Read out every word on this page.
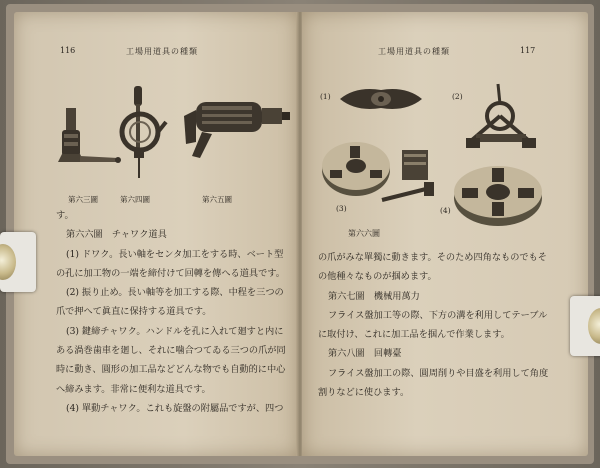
116	工場用道具の種類
第六三圖	第六四圖	第六五圖
す。
第六六圖　チャワク道具
(1) ドワク。長い軸をセンタ加工をする時、ベート型
の孔に加工物の一端を締付けて回轉を傳へる道具です。
(2) 振り止め。長い軸等を加工する際、中程を三つの
爪で押へて眞直に保持する道具です。
(3) 鍵締チャワク。ハンドルを孔に入れて廻すと内に
ある渦巻歯車を廻し、それに噛合つてゐる三つの爪が同
時に動き、圓形の加工品などどんな物でも自動的に中心
へ締みます。非常に便利な道具です。
(4) 單動チャワク。これも旋盤の附屬品ですが、四つ
工場用道具の種類	117
(1)	(2)
(3)	(4)
第六六圖
の爪がみな單獨に動きます。そのため四角なものでもそ
の他種々なものが掴めます。
第六七圖　機械用萬力
フライス盤加工等の際、下方の溝を利用してテーブル
に取付け、これに加工品を掴んで作業します。
第六八圖　回轉臺
フライス盤加工の際、圓周削りや目盛を利用して角度
割りなどに使ひます。
